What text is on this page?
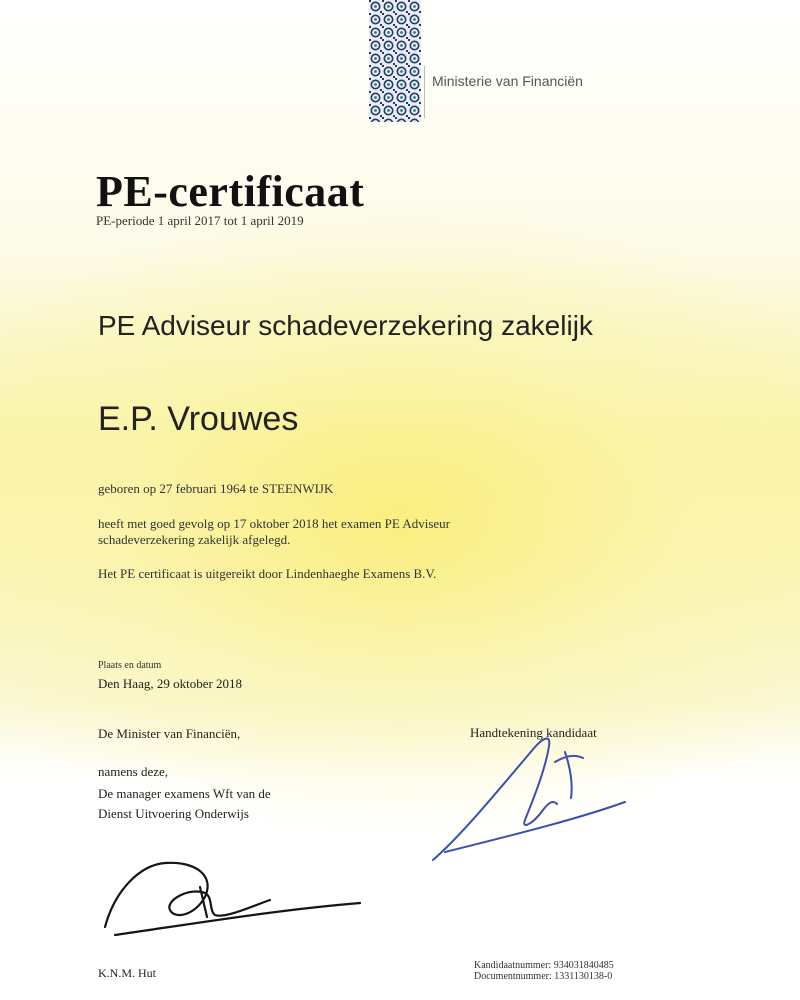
Ministerie van Financiën
PE-certificaat
PE-periode 1 april 2017 tot 1 april 2019
PE Adviseur schadeverzekering zakelijk
E.P. Vrouwes

geboren op 27 februari 1964 te STEENWIJK

heeft met goed gevolg op 17 oktober 2018 het examen PE Adviseur schadeverzekering zakelijk afgelegd.

Het PE certificaat is uitgereikt door Lindenhaeghe Examens B.V.

Plaats en datum
Den Haag, 29 oktober 2018
De Minister van Financiën,
namens deze,
De manager examens Wft van de
Dienst Uitvoering Onderwijs
Handtekening kandidaat
K.N.M. Hut
Kandidaatnummer: 934031840485
Documentnummer: 1331130138-0
